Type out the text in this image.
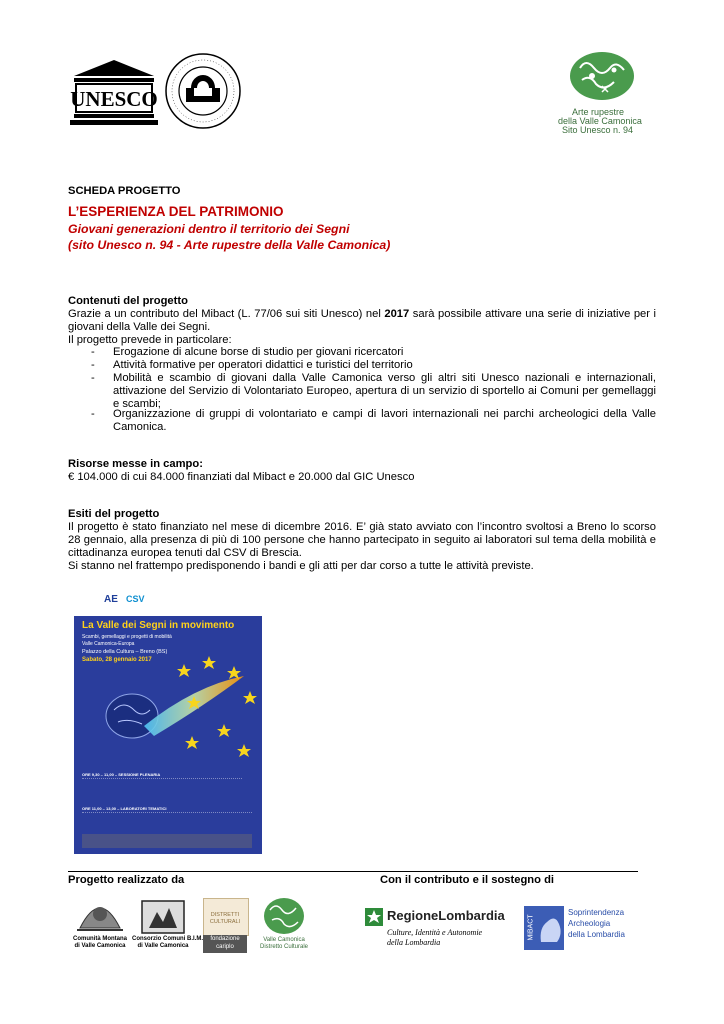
UNESCO
Arte rupestre
della Valle Camonica
Sito Unesco n. 94
SCHEDA PROGETTO
L’ESPERIENZA DEL PATRIMONIO
Giovani generazioni dentro il territorio dei Segni
(sito Unesco n. 94 - Arte rupestre della Valle Camonica)
Contenuti del progetto
Grazie a un contributo del Mibact (L. 77/06 sui siti Unesco) nel 2017 sarà possibile attivare una serie di iniziative per i giovani della Valle dei Segni.
Il progetto prevede in particolare:
- Erogazione di alcune borse di studio per giovani ricercatori
- Attività formative per operatori didattici e turistici del territorio
- Mobilità e scambio di giovani dalla Valle Camonica verso gli altri siti Unesco nazionali e internazionali, attivazione del Servizio di Volontariato Europeo, apertura di un servizio di sportello ai Comuni per gemellaggi e scambi;
- Organizzazione di gruppi di volontariato e campi di lavori internazionali nei parchi archeologici della Valle Camonica.
Risorse messe in campo:
€ 104.000 di cui 84.000 finanziati dal Mibact e 20.000 dal GIC Unesco
Esiti del progetto
Il progetto è stato finanziato nel mese di dicembre 2016. E’ già stato avviato con l’incontro svoltosi a Breno lo scorso 28 gennaio, alla presenza di più di 100 persone che hanno partecipato in seguito ai laboratori sul tema della mobilità e cittadinanza europea tenuti dal CSV di Brescia.
Si stanno nel frattempo predisponendo i bandi e gli atti per dar corso a tutte le attività previste.
AE CSV
La Valle dei Segni in movimento
Scambi, gemellaggi e progetti di mobilità
Valle Camonica-Europa
Palazzo della Cultura – Breno (BS)
Sabato, 28 gennaio 2017
ORE 9,30 – 11,00 – SESSIONE PLENARIA
ORE 11,00 – 13,00 – LABORATORI TEMATICI
Progetto realizzato da	Con il contributo e il sostegno di
Comunità Montana
di Valle Camonica
Consorzio Comuni B.I.M.
di Valle Camonica
DISTRETTI
CULTURALI
fondazione
cariplo
Valle Camonica
Distretto Culturale
RegioneLombardia
Culture, Identità e Autonomie
della Lombardia
MiBACT
Soprintendenza
Archeologia
della Lombardia
